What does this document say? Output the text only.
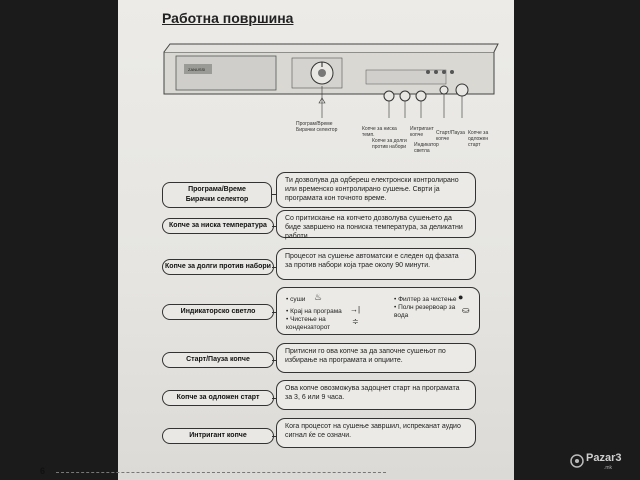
Работна површина
ZANUSSI
Програм/Време
Бирачки селектор	Копче за ниска темп.
Копче за долги
против набори
Интригант
копче
Индикатор светла
Старт/Пауза копче
Копче за
одложен старт
Програма/Време
Бирачки селектор
Ти дозволува да одбереш електронски контролирано или временско контролирано сушење. Сврти ја програмата кон точното време.
Копче за ниска температура
Со притискање на копчето дозволува сушењето да биде завршено на пониска температура, за деликатни работи
Копче за долги против набори
Процесот на сушење автоматски е следен од фазата за против набори која трае околу 90 минути.
Индикаторско светло
• суши ♨
• Крај на програма →|
• Чистење на кондензаторот
≑
• Филтер за чистење ●
• Полн резервоар за вода
⛀
Старт/Пауза копче
Притисни го ова копче за да започне сушењот по избирање на програмата и опциите.
Копче за одложен старт
Ова копче овозможува задоцнет старт на програмата за 3, 6 или 9 часа.
Интригант копче
Кога процесот на сушење завршил, испреканат аудио сигнал ќе се означи.
6
Pazar3
.mk
